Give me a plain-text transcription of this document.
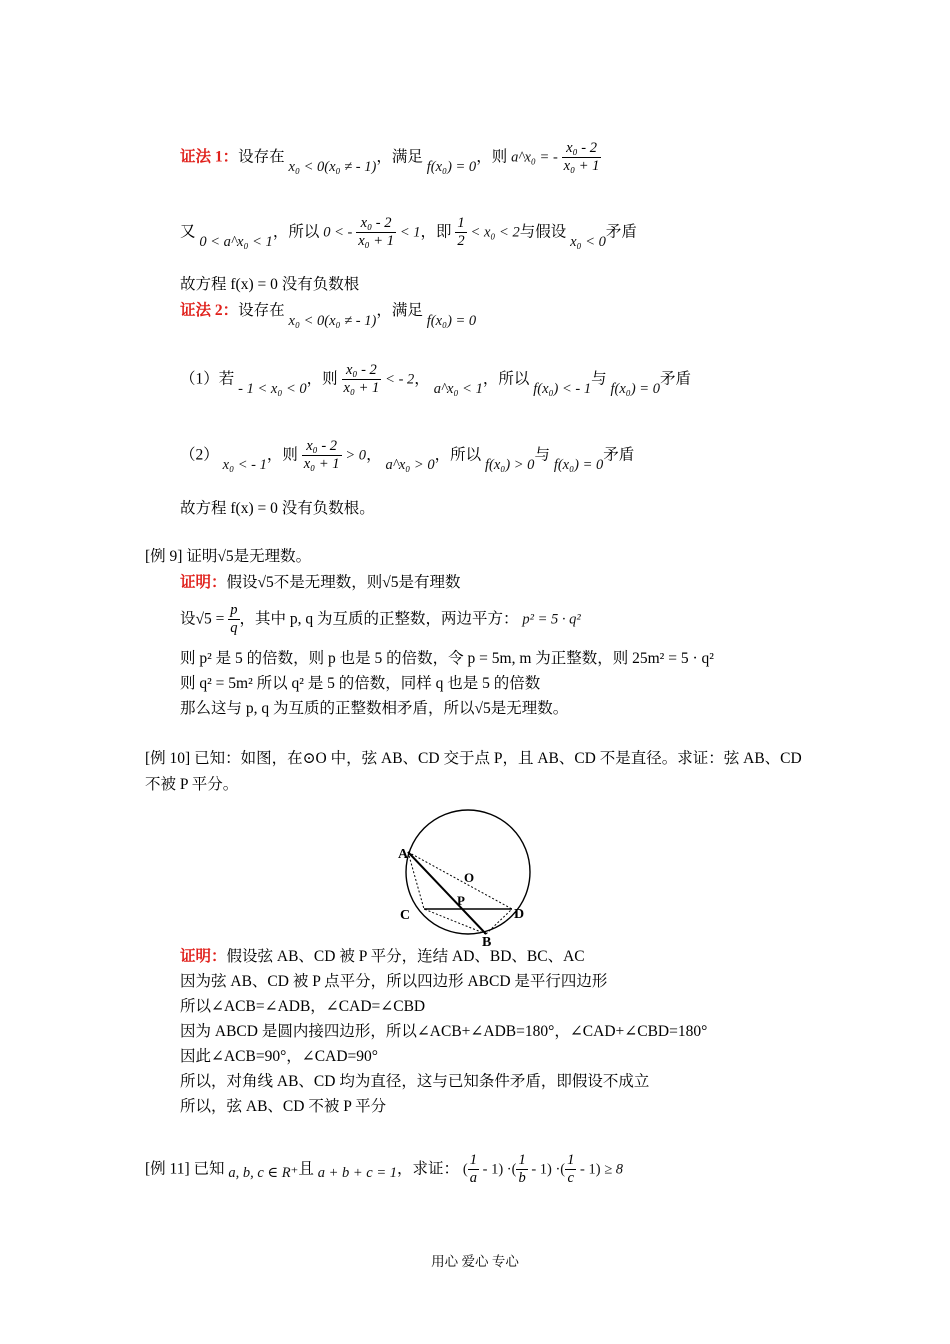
证法 1：设存在 x₀ < 0(x₀ ≠ - 1)，满足 f(x₀) = 0，则 a^x₀ = - $\frac{\text{x₀ - 2}}{\text{x₀ + 1}}$
又 0 < a^x₀ < 1，所以 0 < - $\frac{\text{x₀ - 2}}{\text{x₀ + 1}} < 1$，即 $\frac{1}{2} < x_0 < 2$与假设 x₀ < 0矛盾
故方程 f(x) = 0 没有负数根
证法 2：设存在 x₀ < 0(x₀ ≠ - 1)，满足 f(x₀) = 0
（1）若 - 1 < x₀ < 0，则 $\frac{\text{x₀ - 2}}{\text{x₀ + 1}}$ < - 2， a^x₀ < 1，所以 f(x₀) < - 1与 f(x₀) = 0矛盾
（2） x₀ < - 1，则 $\frac{\text{x₀ - 2}}{\text{x₀ + 1}} > 0$， a^x₀ > 0，所以 f(x₀) > 0与 f(x₀) = 0矛盾
故方程 f(x) = 0 没有负数根。
[例 9] 证明√5是无理数。
证明：假设√5不是无理数，则√5是有理数
设$√5 = \frac{p}{q}$ ，其中 p, q 为互质的正整数，两边平方： p² = 5 · q²
则 p² 是 5 的倍数，则 p 也是 5 的倍数，令 p = 5m, m 为正整数，则 25m² = 5 · q²
则 q² = 5m² 所以 q² 是 5 的倍数，同样 q 也是 5 的倍数
那么这与 p, q 为互质的正整数相矛盾，所以√5是无理数。
[例 10] 已知：如图，在⊙O 中，弦 AB、CD 交于点 P，且 AB、CD 不是直径。求证：弦 AB、CD
不被 P 平分。
A
O
P
C	D
B
证明：假设弦 AB、CD 被 P 平分，连结 AD、BD、BC、AC
因为弦 AB、CD 被 P 点平分，所以四边形 ABCD 是平行四边形
所以∠ACB=∠ADB，∠CAD=∠CBD
因为 ABCD 是圆内接四边形，所以∠ACB+∠ADB=180°，∠CAD+∠CBD=180°
因此∠ACB=90°，∠CAD=90°
所以，对角线 AB、CD 均为直径，这与已知条件矛盾，即假设不成立
所以，弦 AB、CD 不被 P 平分
[例 11] 已知 a, b, c ∈ R⁺且 a + b + c = 1，求证： ( $\frac{1}{a} - 1$) ·( $\frac{1}{b} - 1$) ·( $\frac{1}{c} - 1) \ge 8$
用心 爱心 专心
